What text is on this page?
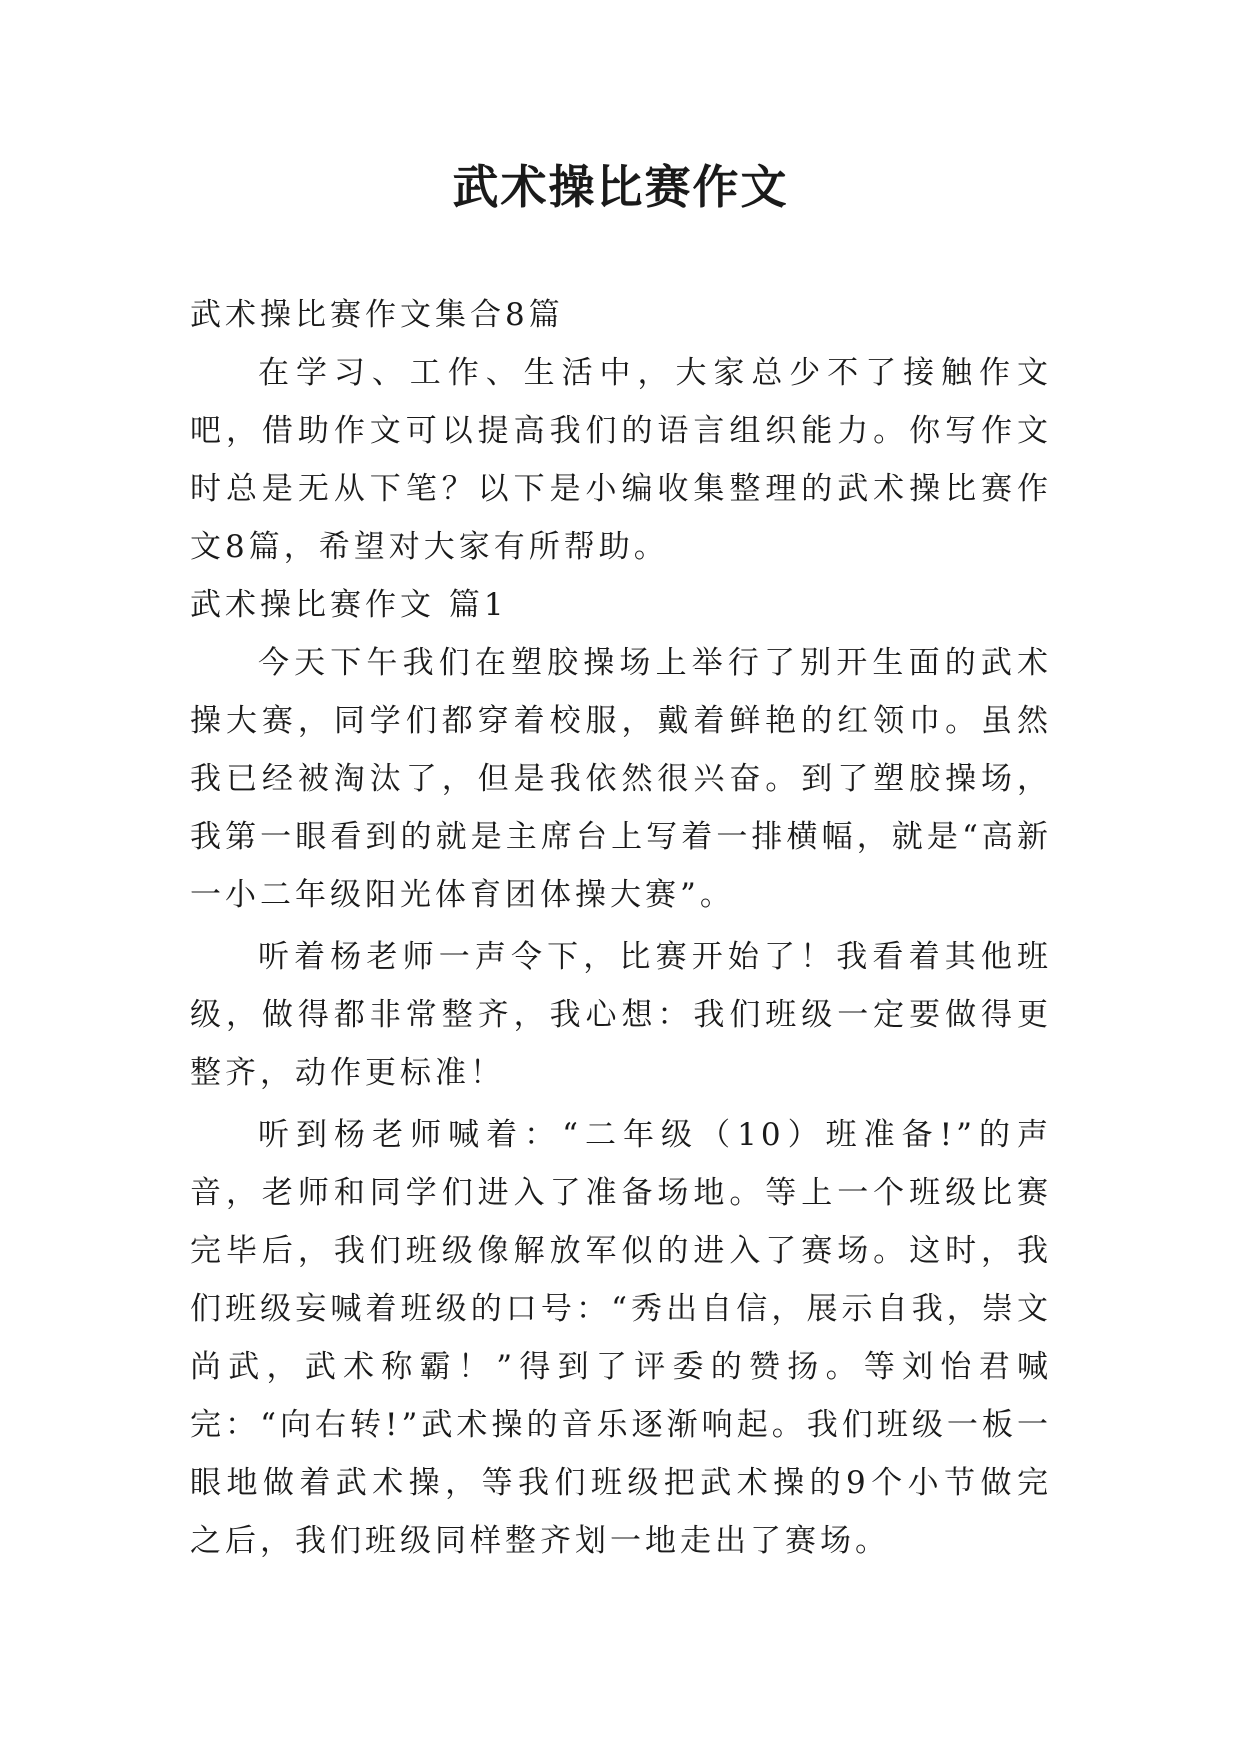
武术操比赛作文

武术操比赛作文集合8篇

在学习、工作、生活中，大家总少不了接触作文吧，借助作文可以提高我们的语言组织能力。你写作文时总是无从下笔？以下是小编收集整理的武术操比赛作文8篇，希望对大家有所帮助。

武术操比赛作文 篇1

今天下午我们在塑胶操场上举行了别开生面的武术操大赛，同学们都穿着校服，戴着鲜艳的红领巾。虽然我已经被淘汰了，但是我依然很兴奋。到了塑胶操场，我第一眼看到的就是主席台上写着一排横幅，就是“高新一小二年级阳光体育团体操大赛”。

听着杨老师一声令下，比赛开始了！我看着其他班级，做得都非常整齐，我心想：我们班级一定要做得更整齐，动作更标准！

听到杨老师喊着：“二年级（10）班准备!”的声音，老师和同学们进入了准备场地。等上一个班级比赛完毕后，我们班级像解放军似的进入了赛场。这时，我们班级妄喊着班级的口号：“秀出自信，展示自我，崇文尚武，武术称霸！”得到了评委的赞扬。等刘怡君喊完：“向右转!”武术操的音乐逐渐响起。我们班级一板一眼地做着武术操，等我们班级把武术操的9个小节做完之后，我们班级同样整齐划一地走出了赛场。
